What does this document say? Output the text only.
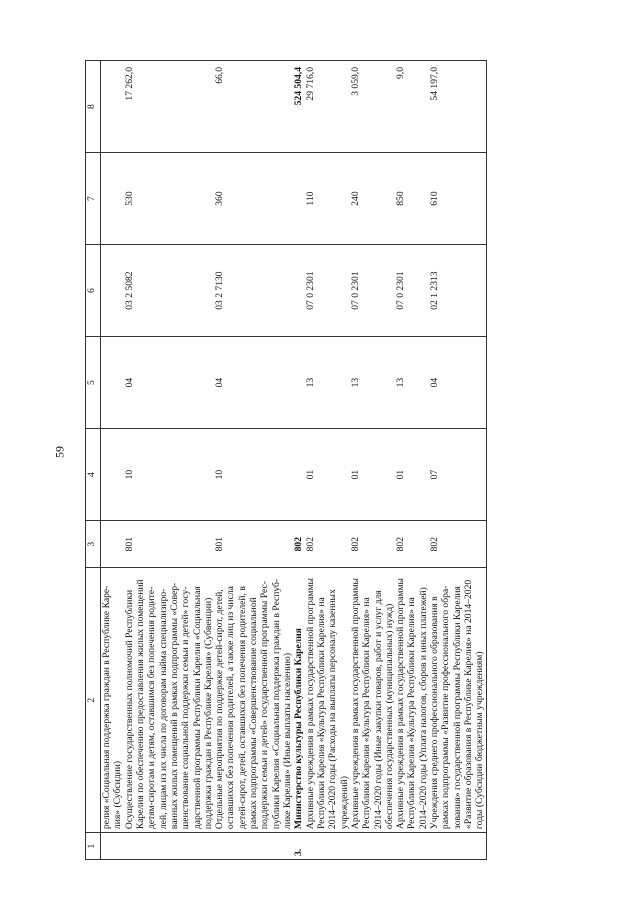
59
1	2	3	4	5	6	7	8
	релия «Социальная поддержка граждан в Республике Каре-лия» (Субсидии)						
	Осуществление государственных полномочий Республики Карелия по обеспечению предоставления жилых помещений детям-сиротам и детям, оставшимся без попечения родите-лей, лицам из их числа по договорам найма специализиро-ванных жилых помещений в рамках подпрограммы «Совер-шенствование социальной поддержки семьи и детей» госу-дарственной программы Республики Карелия «Социальная поддержка граждан в Республике Карелия» (Субвенции)	801	10	04	03 2 5082	530	17 262,0
	Отдельные мероприятия по поддержке детей-сирот, детей, оставшихся без попечения родителей, а также лиц из числа детей-сирот, детей, оставшихся без попечения родителей, в рамках подпрограммы «Совершенствование социальной поддержки семьи и детей» государственной программы Рес-публики Карелия «Социальная поддержка граждан в Респуб-лике Карелия» (Иные выплаты населению)	801	10	04	03 2 7130	360	66,0
3.	Министерство культуры Республики Карелия	802					524 504,4
	Архивные учреждения в рамках государственной программы Республики Карелия «Культура Республики Карелия» на 2014–2020 годы (Расходы на выплаты персоналу казенных учреждений)	802	01	13	07 0 2301	110	29 716,0
	Архивные учреждения в рамках государственной программы Республики Карелия «Культура Республики Карелия» на 2014–2020 годы (Иные закупки товаров, работ и услуг для обеспечения государственных (муниципальных) нужд)	802	01	13	07 0 2301	240	3 059,0
	Архивные учреждения в рамках государственной программы Республики Карелия «Культура Республики Карелия» на 2014–2020 годы (Уплата налогов, сборов и иных платежей)	802	01	13	07 0 2301	850	9,0
	Учреждения среднего профессионального образования в рамках подпрограммы «Развитие профессионального обра-зования» государственной программы Республики Карелия «Развитие образования в Республике Карелия» на 2014–2020 годы (Субсидии бюджетным учреждениям)	802	07	04	02 1 2313	610	54 197,0
